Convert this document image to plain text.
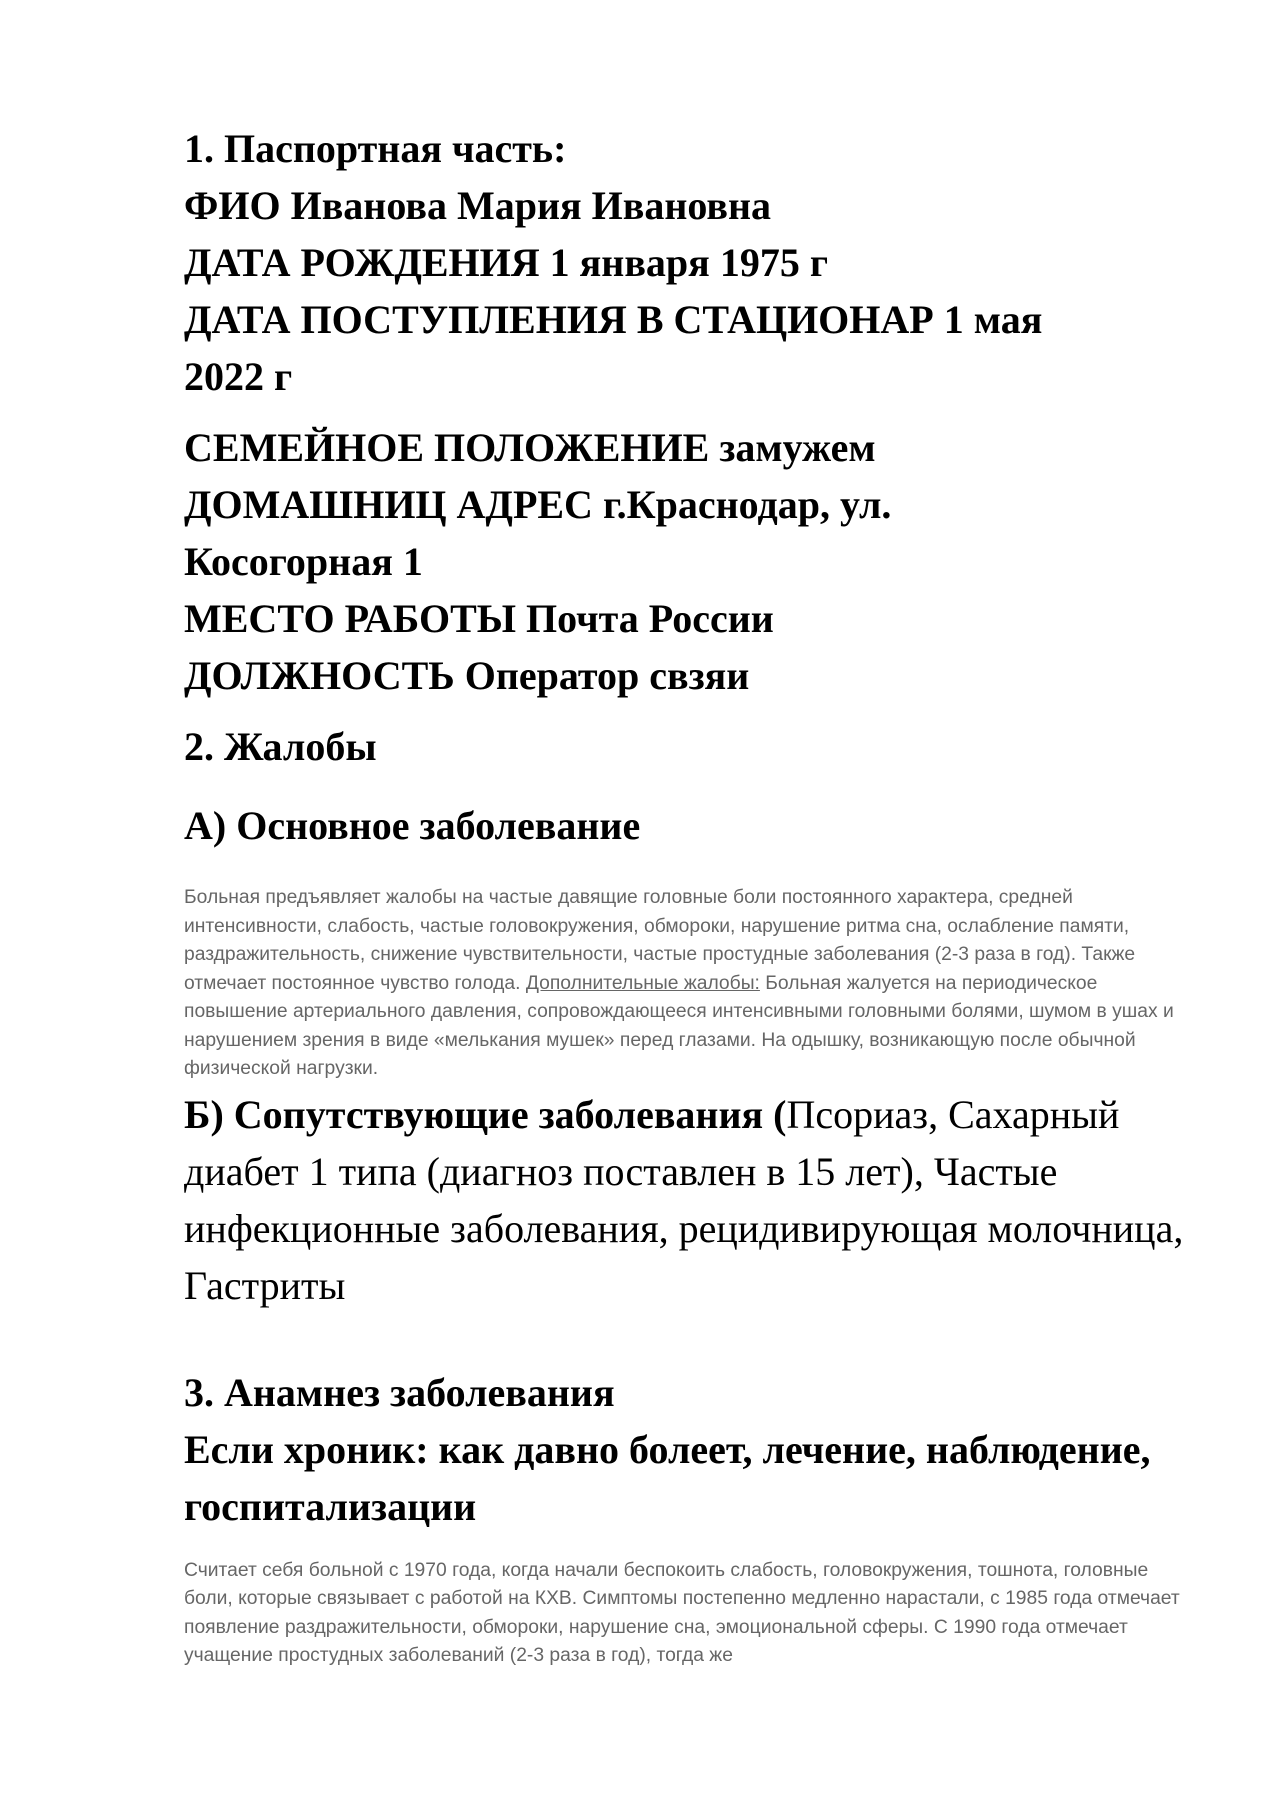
1. Паспортная часть:

ФИО Иванова Мария Ивановна

ДАТА РОЖДЕНИЯ 1 января 1975 г

ДАТА ПОСТУПЛЕНИЯ В СТАЦИОНАР 1 мая

2022 г

СЕМЕЙНОЕ ПОЛОЖЕНИЕ замужем

ДОМАШНИЦ АДРЕС г.Краснодар, ул.

Косогорная 1

МЕСТО РАБОТЫ Почта России

ДОЛЖНОСТЬ Оператор свзяи

2. Жалобы

А) Основное заболевание

Больная предъявляет жалобы на частые давящие головные боли постоянного характера, средней интенсивности, слабость, частые головокружения, обмороки, нарушение ритма сна, ослабление памяти, раздражительность, снижение чувствительности, частые простудные заболевания (2-3 раза в год). Также отмечает постоянное чувство голода. Дополнительные жалобы: Больная жалуется на периодическое повышение артериального давления, сопровождающееся интенсивными головными болями, шумом в ушах и нарушением зрения в виде «мелькания мушек» перед глазами. На одышку, возникающую после обычной физической нагрузки.

Б) Сопутствующие заболевания (Псориаз, Сахарный диабет 1 типа (диагноз поставлен в 15 лет), Частые инфекционные заболевания, рецидивирующая молочница, Гастриты

3. Анамнез заболевания

Если хроник: как давно болеет, лечение, наблюдение, госпитализации

Считает себя больной с 1970 года, когда начали беспокоить слабость, головокружения, тошнота, головные боли, которые связывает с работой на КХВ. Симптомы постепенно медленно нарастали, с 1985 года отмечает появление раздражительности, обмороки, нарушение сна, эмоциональной сферы. С 1990 года отмечает учащение простудных заболеваний (2-3 раза в год), тогда же
